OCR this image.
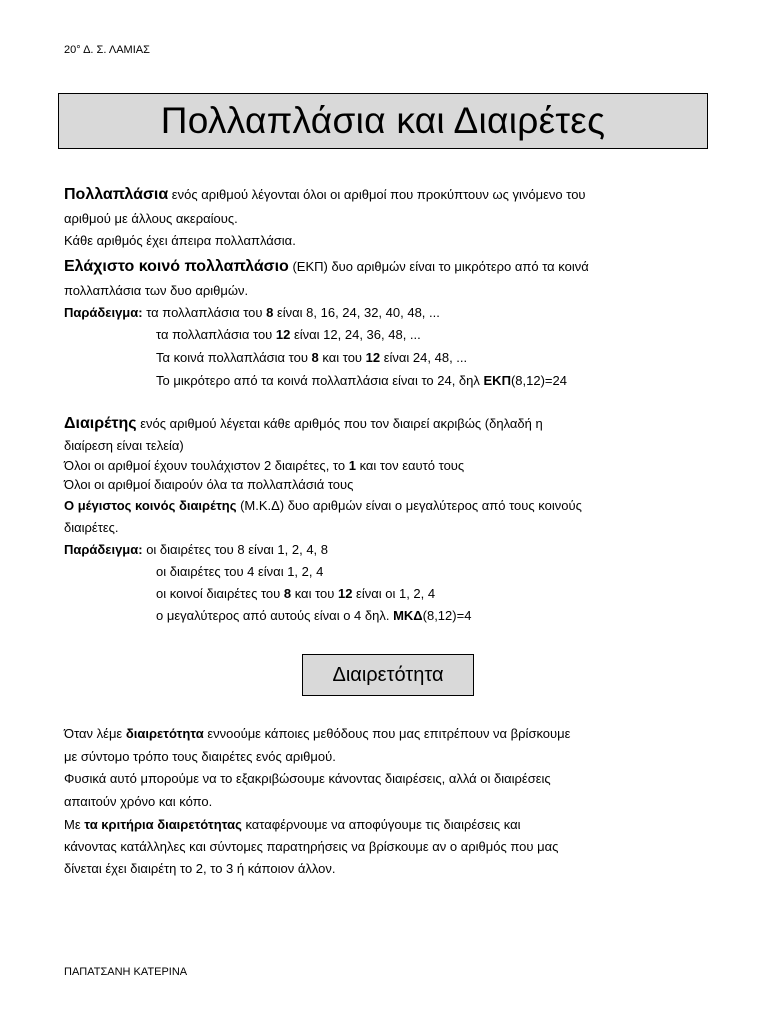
20° Δ. Σ. ΛΑΜΙΑΣ
Πολλαπλάσια και Διαιρέτες
Πολλαπλάσια ενός αριθμού λέγονται όλοι οι αριθμοί που προκύπτουν ως γινόμενο του
αριθμού με άλλους ακεραίους.
Κάθε αριθμός έχει άπειρα πολλαπλάσια.
Ελάχιστο κοινό πολλαπλάσιο (ΕΚΠ) δυο αριθμών είναι το μικρότερο από τα κοινά
πολλαπλάσια των δυο αριθμών.
Παράδειγμα: τα πολλαπλάσια του 8 είναι 8, 16, 24, 32, 40, 48, ...
τα πολλαπλάσια του 12 είναι 12, 24, 36, 48, ...
Τα κοινά πολλαπλάσια του 8 και του 12 είναι 24, 48, ...
Το μικρότερο από τα κοινά πολλαπλάσια είναι το 24, δηλ ΕΚΠ(8,12)=24
Διαιρέτης ενός αριθμού λέγεται κάθε αριθμός που τον διαιρεί ακριβώς (δηλαδή η
διαίρεση είναι τελεία)
Όλοι οι αριθμοί έχουν τουλάχιστον 2 διαιρέτες, το 1 και τον εαυτό τους
Όλοι οι αριθμοί διαιρούν όλα τα πολλαπλάσιά τους
Ο μέγιστος κοινός διαιρέτης (Μ.Κ.Δ) δυο αριθμών είναι ο μεγαλύτερος από τους κοινούς
διαιρέτες.
Παράδειγμα: οι διαιρέτες του 8 είναι 1, 2, 4, 8
οι διαιρέτες του 4 είναι 1, 2, 4
οι κοινοί διαιρέτες του 8 και του 12 είναι οι 1, 2, 4
ο μεγαλύτερος από αυτούς είναι ο 4 δηλ. ΜΚΔ(8,12)=4
Διαιρετότητα
Όταν λέμε διαιρετότητα εννοούμε κάποιες μεθόδους που μας επιτρέπουν να βρίσκουμε
με σύντομο τρόπο τους διαιρέτες ενός αριθμού.
Φυσικά αυτό μπορούμε να το εξακριβώσουμε κάνοντας διαιρέσεις, αλλά οι διαιρέσεις
απαιτούν χρόνο και κόπο.
Με τα κριτήρια διαιρετότητας καταφέρνουμε να αποφύγουμε τις διαιρέσεις και
κάνοντας κατάλληλες και σύντομες παρατηρήσεις να βρίσκουμε αν ο αριθμός που μας
δίνεται έχει διαιρέτη το 2, το 3 ή κάποιον άλλον.
ΠΑΠΑΤΣΑΝΗ ΚΑΤΕΡΙΝΑ
